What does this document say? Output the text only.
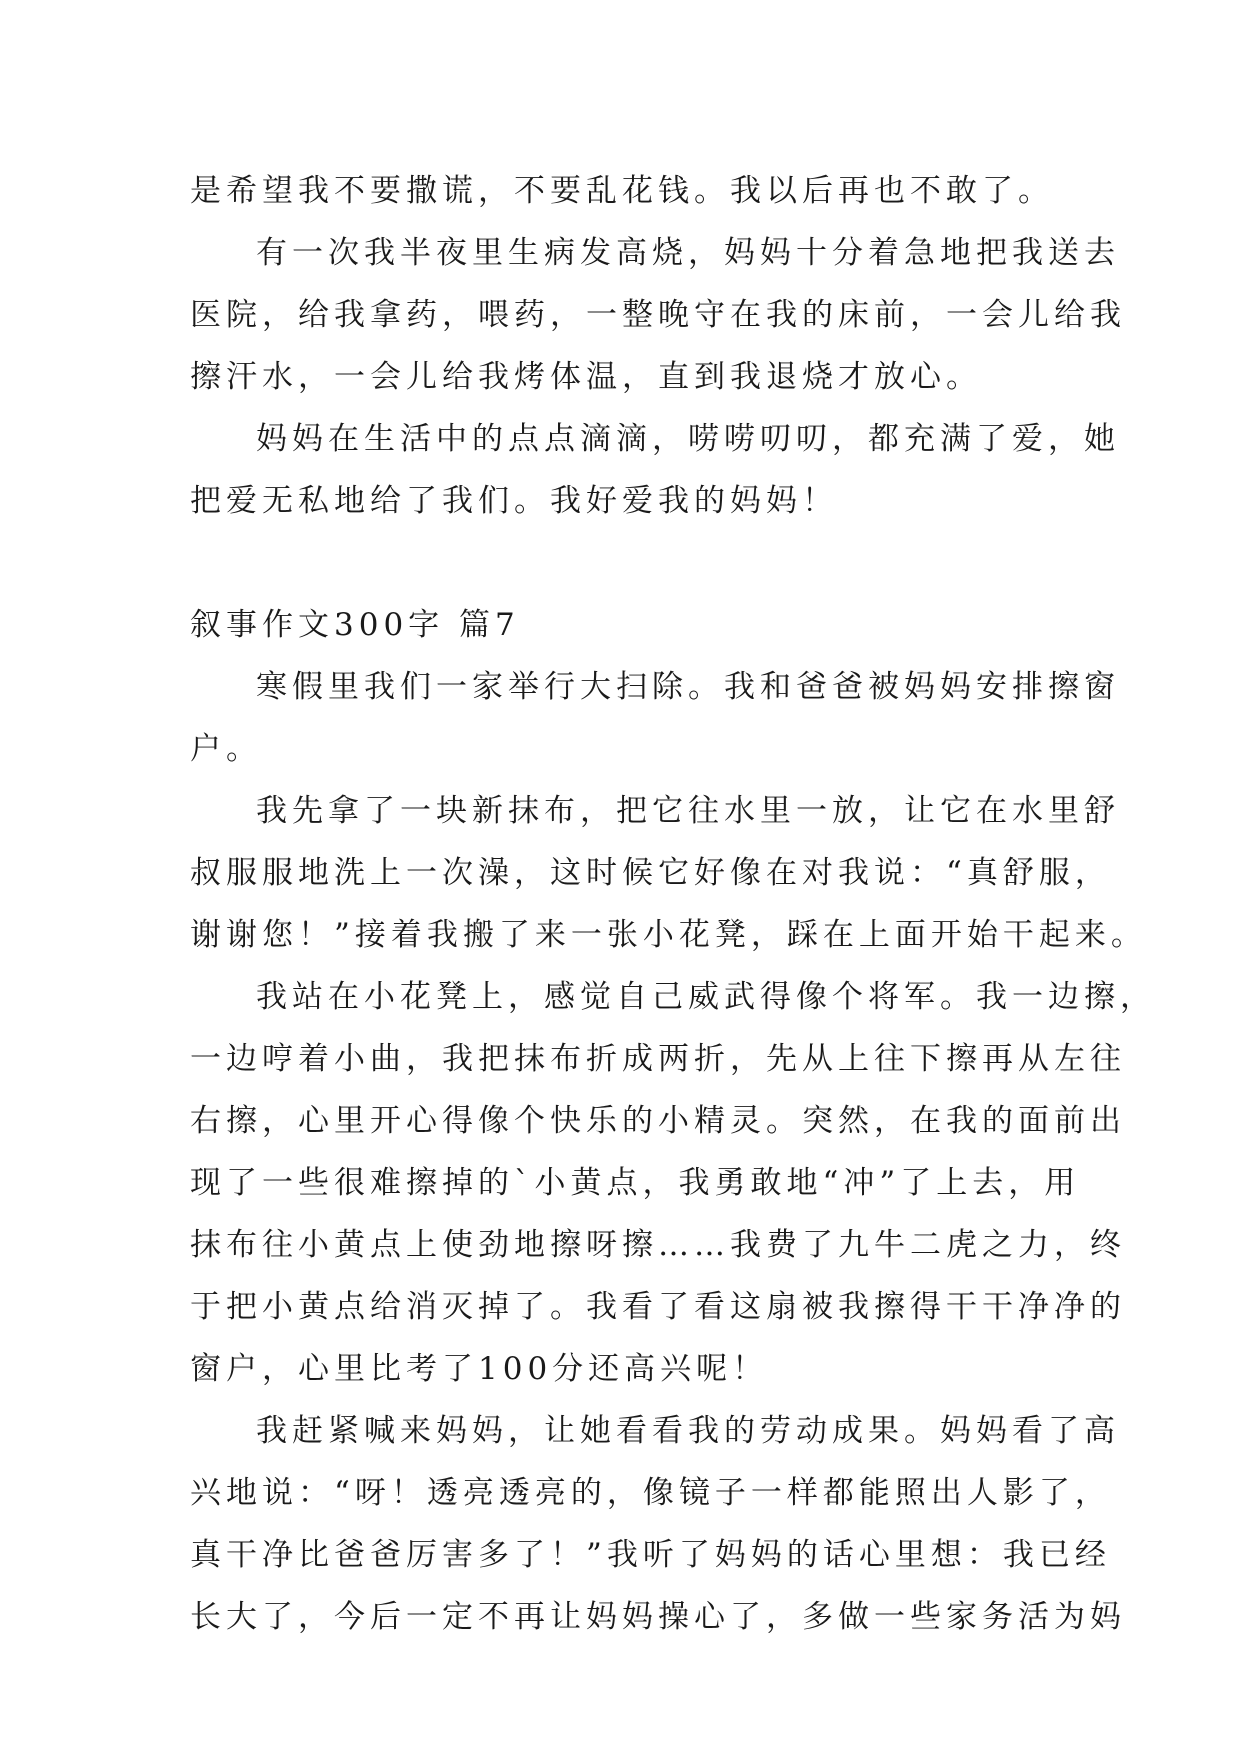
是希望我不要撒谎，不要乱花钱。我以后再也不敢了。
有一次我半夜里生病发高烧，妈妈十分着急地把我送去
医院，给我拿药，喂药，一整晚守在我的床前，一会儿给我
擦汗水，一会儿给我烤体温，直到我退烧才放心。
妈妈在生活中的点点滴滴，唠唠叨叨，都充满了爱，她
把爱无私地给了我们。我好爱我的妈妈！
叙事作文300字 篇7
寒假里我们一家举行大扫除。我和爸爸被妈妈安排擦窗
户。
我先拿了一块新抹布，把它往水里一放，让它在水里舒
叔服服地洗上一次澡，这时候它好像在对我说：“真舒服，
谢谢您！”接着我搬了来一张小花凳，踩在上面开始干起来。
我站在小花凳上，感觉自己威武得像个将军。我一边擦，
一边哼着小曲，我把抹布折成两折，先从上往下擦再从左往
右擦，心里开心得像个快乐的小精灵。突然，在我的面前出
现了一些很难擦掉的`小黄点，我勇敢地“冲”了上去，用
抹布往小黄点上使劲地擦呀擦……我费了九牛二虎之力，终
于把小黄点给消灭掉了。我看了看这扇被我擦得干干净净的
窗户，心里比考了100分还高兴呢！
我赶紧喊来妈妈，让她看看我的劳动成果。妈妈看了高
兴地说：“呀！透亮透亮的，像镜子一样都能照出人影了，
真干净比爸爸厉害多了！”我听了妈妈的话心里想：我已经
长大了，今后一定不再让妈妈操心了，多做一些家务活为妈
